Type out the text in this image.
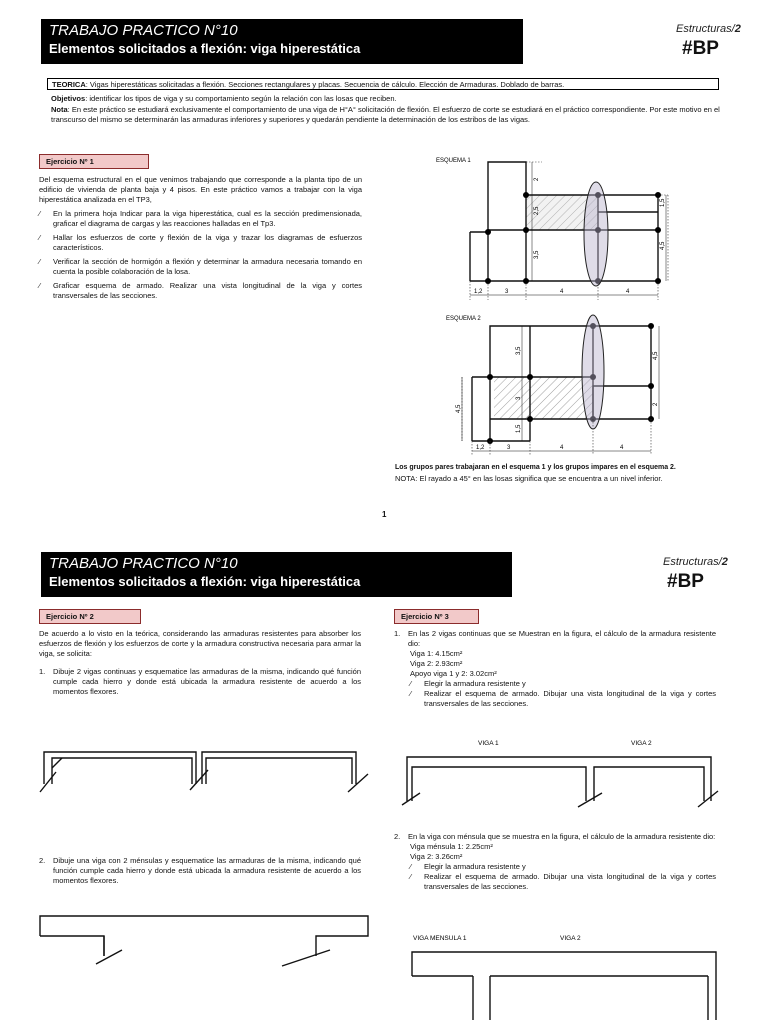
TRABAJO PRACTICO N°10
Elementos solicitados a flexión: viga hiperestática
Estructuras/2
#BP
TEORICA: Vigas hiperestáticas solicitadas a flexión. Secciones rectangulares y placas. Secuencia de cálculo. Elección de Armaduras. Doblado de barras.
Objetivos: identificar los tipos de viga y su comportamiento según la relación con las losas que reciben.
Nota: En este práctico se estudiará exclusivamente el comportamiento de una viga de H°A° solicitación de flexión. El esfuerzo de corte se estudiará en el práctico correspondiente. Por este motivo en el transcurso del mismo se determinarán las armaduras inferiores y superiores y quedarán pendiente la determinación de los estribos de las vigas.
Ejercicio Nº 1
Del esquema estructural en el que venimos trabajando que corresponde a la planta tipo de un edificio de vivienda de planta baja y 4 pisos. En este práctico vamos a trabajar con la viga hiperestática analizada en el TP3,
⁄ En la primera hoja Indicar para la viga hiperestática, cual es la sección predimensionada, graficar el diagrama de cargas y las reacciones halladas en el Tp3.
⁄ Hallar los esfuerzos de corte y flexión de la viga y trazar los diagramas de esfuerzos característicos.
⁄ Verificar la sección de hormigón a flexión y determinar la armadura necesaria tomando en cuenta la posible colaboración de la losa.
⁄ Graficar esquema de armado. Realizar una vista longitudinal de la viga y cortes transversales de las secciones.
ESQUEMA 1
2
2,5
3,5
1,5
4,5
1,2	3	4	4
ESQUEMA 2
3,5
4,5
3
1,5
4,5
2
1,2	3	4	4
Los grupos pares trabajaran en el esquema 1 y los grupos impares en el esquema 2.
NOTA: El rayado a 45° en las losas significa que se encuentra a un nivel inferior.
1
TRABAJO PRACTICO N°10
Elementos solicitados a flexión: viga hiperestática
Estructuras/2
#BP
Ejercicio Nº 2
De acuerdo a lo visto en la teórica, considerando las armaduras resistentes para absorber los esfuerzos de flexión y los esfuerzos de corte y la armadura constructiva necesaria para armar la viga, se solicita:
1. Dibuje 2 vigas continuas y esquematice las armaduras de la misma, indicando qué función cumple cada hierro y donde está ubicada la armadura resistente de acuerdo a los momentos flexores.
2. Dibuje una viga con 2 ménsulas y esquematice las armaduras de la misma, indicando qué función cumple cada hierro y donde está ubicada la armadura resistente de acuerdo a los momentos flexores.
Ejercicio Nº 3
1. En las 2 vigas continuas que se Muestran en la figura, el cálculo de la armadura resistente dio:
Viga 1: 4.15cm²
Viga 2: 2.93cm²
Apoyo viga 1 y 2: 3.02cm²
⁄ Elegir la armadura resistente y
⁄ Realizar el esquema de armado. Dibujar una vista longitudinal de la viga y cortes transversales de las secciones.
VIGA 1	VIGA 2
2. En la viga con ménsula que se muestra en la figura, el cálculo de la armadura resistente dio:
Viga ménsula 1: 2.25cm²
Viga 2: 3.26cm²
⁄ Elegir la armadura resistente y
⁄ Realizar el esquema de armado. Dibujar una vista longitudinal de la viga y cortes transversales de las secciones.
VIGA MENSULA 1	VIGA 2
